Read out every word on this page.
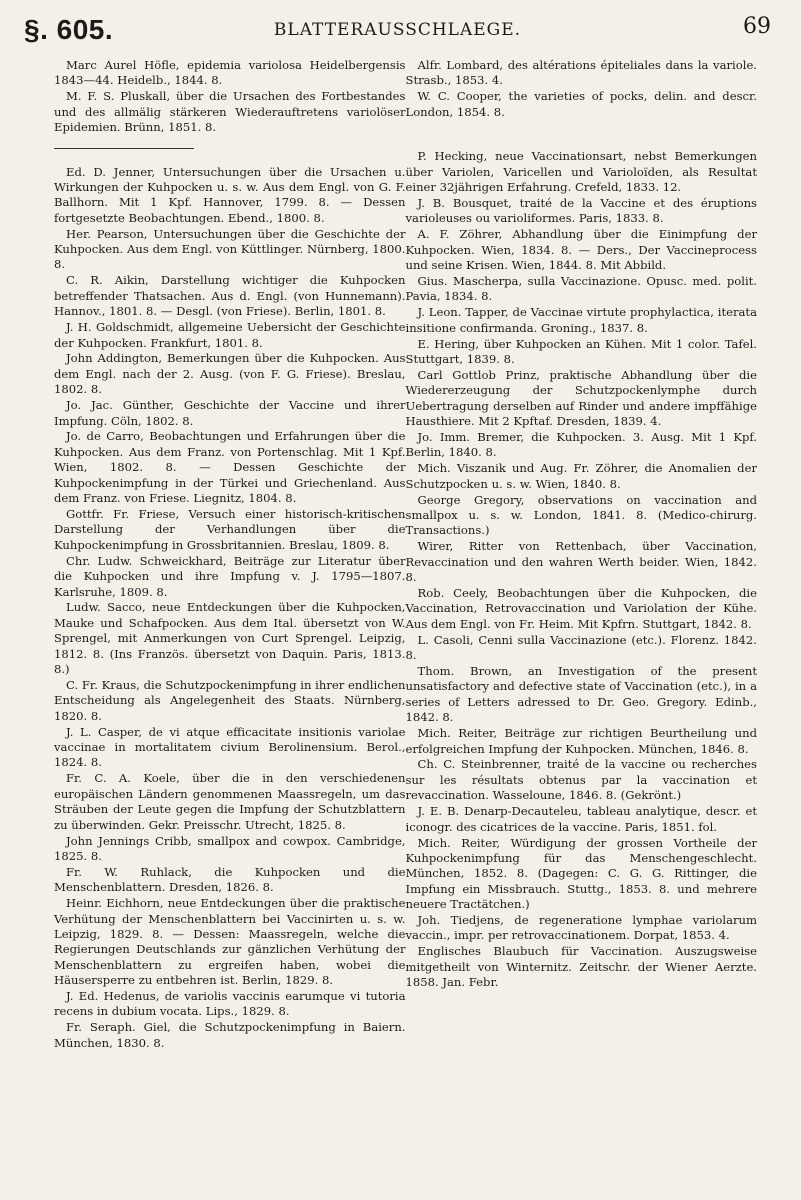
§. 605.	BLATTERAUSSCHLAEGE.	69

Marc Aurel Höfle, epidemia variolosa Heidelbergensis 1843—44. Heidelb., 1844. 8.

M. F. S. Pluskall, über die Ursachen des Fortbestandes und des allmälig stärkeren Wiederauftretens variolöser Epidemien. Brünn, 1851. 8.

Ed. D. Jenner, Untersuchungen über die Ursachen u. Wirkungen der Kuhpocken u. s. w. Aus dem Engl. von G. F. Ballhorn. Mit 1 Kpf. Hannover, 1799. 8. — Dessen fortgesetzte Beobachtungen. Ebend., 1800. 8.

Her. Pearson, Untersuchungen über die Geschichte der Kuhpocken. Aus dem Engl. von Küttlinger. Nürnberg, 1800. 8.

C. R. Aikin, Darstellung wichtiger die Kuhpocken betreffender Thatsachen. Aus d. Engl. (von Hunnemann). Hannov., 1801. 8. — Desgl. (von Friese). Berlin, 1801. 8.

J. H. Goldschmidt, allgemeine Uebersicht der Geschichte der Kuhpocken. Frankfurt, 1801. 8.

John Addington, Bemerkungen über die Kuhpocken. Aus dem Engl. nach der 2. Ausg. (von F. G. Friese). Breslau, 1802. 8.

Jo. Jac. Günther, Geschichte der Vaccine und ihrer Impfung. Cöln, 1802. 8.

Jo. de Carro, Beobachtungen und Erfahrungen über die Kuhpocken. Aus dem Franz. von Portenschlag. Mit 1 Kpf. Wien, 1802. 8. — Dessen Geschichte der Kuhpockenimpfung in der Türkei und Griechenland. Aus dem Franz. von Friese. Liegnitz, 1804. 8.

Gottfr. Fr. Friese, Versuch einer historisch-kritischen Darstellung der Verhandlungen über die Kuhpockenimpfung in Grossbritannien. Breslau, 1809. 8.

Chr. Ludw. Schweickhard, Beiträge zur Literatur über die Kuhpocken und ihre Impfung v. J. 1795—1807. Karlsruhe, 1809. 8.

Ludw. Sacco, neue Entdeckungen über die Kuhpocken, Mauke und Schafpocken. Aus dem Ital. übersetzt von W. Sprengel, mit Anmerkungen von Curt Sprengel. Leipzig, 1812. 8. (Ins Französ. übersetzt von Daquin. Paris, 1813. 8.)

C. Fr. Kraus, die Schutzpockenimpfung in ihrer endlichen Entscheidung als Angelegenheit des Staats. Nürnberg, 1820. 8.

J. L. Casper, de vi atque efficacitate insitionis variolae vaccinae in mortalitatem civium Berolinensium. Berol., 1824. 8.

Fr. C. A. Koele, über die in den verschiedenen europäischen Ländern genommenen Maassregeln, um das Sträuben der Leute gegen die Impfung der Schutzblattern zu überwinden. Gekr. Preisschr. Utrecht, 1825. 8.

John Jennings Cribb, smallpox and cowpox. Cambridge, 1825. 8.

Fr. W. Ruhlack, die Kuhpocken und die Menschenblattern. Dresden, 1826. 8.

Heinr. Eichhorn, neue Entdeckungen über die praktische Verhütung der Menschenblattern bei Vaccinirten u. s. w. Leipzig, 1829. 8. — Dessen: Maassregeln, welche die Regierungen Deutschlands zur gänzlichen Verhütung der Menschenblattern zu ergreifen haben, wobei die Häusersperre zu entbehren ist. Berlin, 1829. 8.

J. Ed. Hedenus, de variolis vaccinis earumque vi tutoria recens in dubium vocata. Lips., 1829. 8.

Fr. Seraph. Giel, die Schutzpockenimpfung in Baiern. München, 1830. 8.

Alfr. Lombard, des altérations épiteliales dans la variole. Strasb., 1853. 4.

W. C. Cooper, the varieties of pocks, delin. and descr. London, 1854. 8.

P. Hecking, neue Vaccinationsart, nebst Bemerkungen über Variolen, Varicellen und Varioloïden, als Resultat einer 32jährigen Erfahrung. Crefeld, 1833. 12.

J. B. Bousquet, traité de la Vaccine et des éruptions varioleuses ou varioliformes. Paris, 1833. 8.

A. F. Zöhrer, Abhandlung über die Einimpfung der Kuhpocken. Wien, 1834. 8. — Ders., Der Vaccineprocess und seine Krisen. Wien, 1844. 8. Mit Abbild.

Gius. Mascherpa, sulla Vaccinazione. Opusc. med. polit. Pavia, 1834. 8.

J. Leon. Tapper, de Vaccinae virtute prophylactica, iterata insitione confirmanda. Groning., 1837. 8.

E. Hering, über Kuhpocken an Kühen. Mit 1 color. Tafel. Stuttgart, 1839. 8.

Carl Gottlob Prinz, praktische Abhandlung über die Wiedererzeugung der Schutzpockenlymphe durch Uebertragung derselben auf Rinder und andere impffähige Hausthiere. Mit 2 Kpftaf. Dresden, 1839. 4.

Jo. Imm. Bremer, die Kuhpocken. 3. Ausg. Mit 1 Kpf. Berlin, 1840. 8.

Mich. Viszanik und Aug. Fr. Zöhrer, die Anomalien der Schutzpocken u. s. w. Wien, 1840. 8.

George Gregory, observations on vaccination and smallpox u. s. w. London, 1841. 8. (Medico-chirurg. Transactions.)

Wirer, Ritter von Rettenbach, über Vaccination, Revaccination und den wahren Werth beider. Wien, 1842. 8.

Rob. Ceely, Beobachtungen über die Kuhpocken, die Vaccination, Retrovaccination und Variolation der Kühe. Aus dem Engl. von Fr. Heim. Mit Kpfrn. Stuttgart, 1842. 8.

L. Casoli, Cenni sulla Vaccinazione (etc.). Florenz. 1842. 8.

Thom. Brown, an Investigation of the present unsatisfactory and defective state of Vaccination (etc.), in a series of Letters adressed to Dr. Geo. Gregory. Edinb., 1842. 8.

Mich. Reiter, Beiträge zur richtigen Beurtheilung und erfolgreichen Impfung der Kuhpocken. München, 1846. 8.

Ch. C. Steinbrenner, traité de la vaccine ou recherches sur les résultats obtenus par la vaccination et revaccination. Wasseloune, 1846. 8. (Gekrönt.)

J. E. B. Denarp-Decauteleu, tableau analytique, descr. et iconogr. des cicatrices de la vaccine. Paris, 1851. fol.

Mich. Reiter, Würdigung der grossen Vortheile der Kuhpockenimpfung für das Menschengeschlecht. München, 1852. 8. (Dagegen: C. G. G. Rittinger, die Impfung ein Missbrauch. Stuttg., 1853. 8. und mehrere neuere Tractätchen.)

Joh. Tiedjens, de regeneratione lymphae variolarum vaccin., impr. per retrovaccinationem. Dorpat, 1853. 4.

Englisches Blaubuch für Vaccination. Auszugsweise mitgetheilt von Winternitz. Zeitschr. der Wiener Aerzte. 1858. Jan. Febr.
